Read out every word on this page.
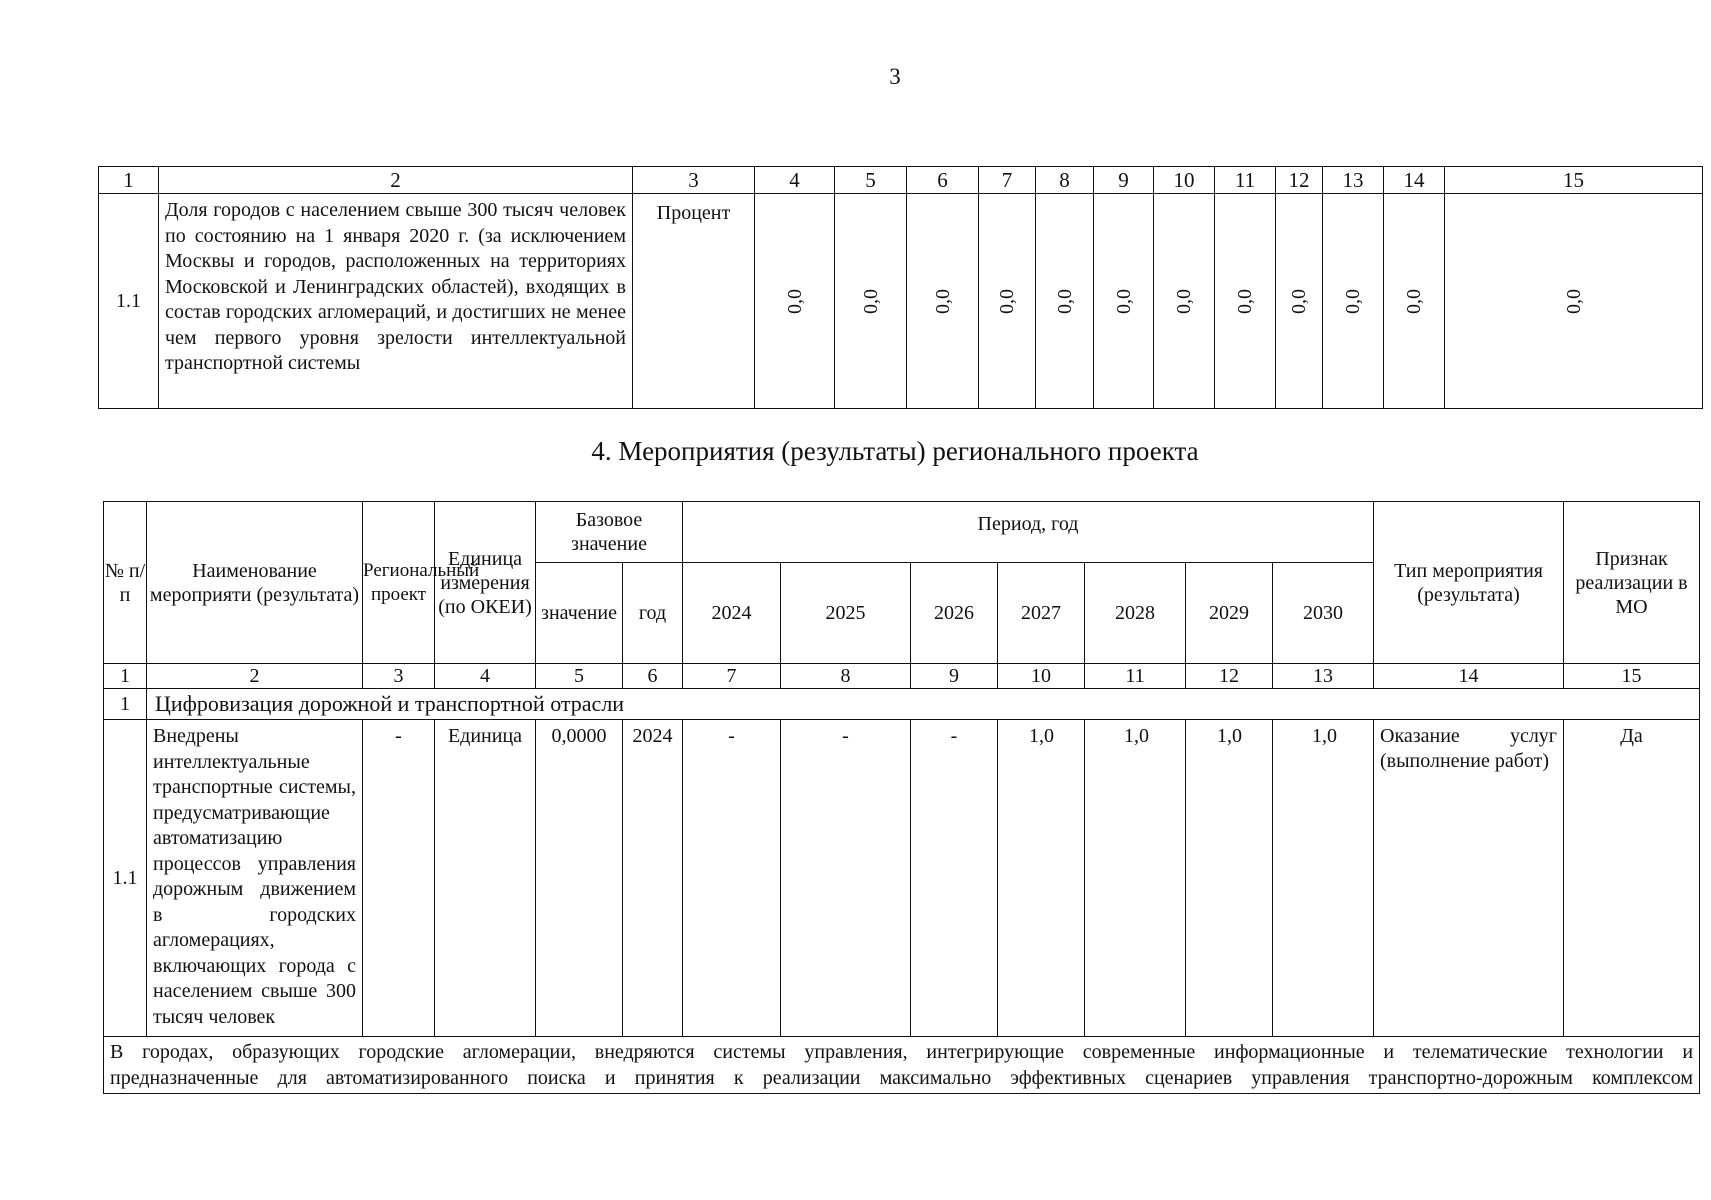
3
1	2	3	4	5	6	7	8	9	10	11	12	13	14	15
1.1	Доля городов с населением свыше 300 тысяч человек по состоянию на 1 января 2020 г. (за исключением Москвы и городов, расположенных на территориях Московской и Ленинградских областей), входящих в состав городских агломераций, и достигших не менее чем первого уровня зрелости интеллектуальной транспортной системы	Процент	0,0	0,0	0,0	0,0	0,0	0,0	0,0	0,0	0,0	0,0	0,0	0,0
4. Мероприятия (результаты) регионального проекта
№ п/п	Наименование мероприяти (результата)	Региональный проект	Единица измерения (по ОКЕИ)	Базовое значение		Период, год							Тип мероприятия (результата)	Признак реализации в МО
				значение	год	2024	2025	2026	2027	2028	2029	2030		
1	2	3	4	5	6	7	8	9	10	11	12	13	14	15
1	Цифровизация дорожной и транспортной отрасли													
1.1	Внедрены интеллектуальные транспортные системы, предусматривающие автоматизацию процессов управления дорожным движением в городских агломерациях, включающих города с населением свыше 300 тысяч человек	-	Единица	0,0000	2024	-	-	-	1,0	1,0	1,0	1,0	Оказание услуг (выполнение работ)	Да

В городах, образующих городские агломерации, внедряются системы управления, интегрирующие современные информационные и телематические технологии и
предназначенные для автоматизированного поиска и принятия к реализации максимально эффективных сценариев управления транспортно-дорожным комплексом														
